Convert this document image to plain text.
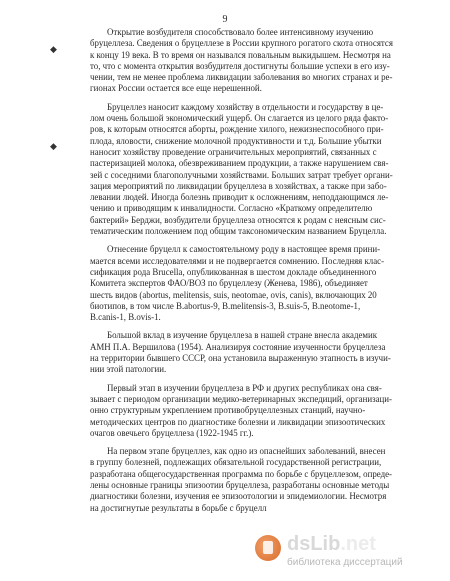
9
◆
◆
Открытие возбудителя способствовало более интенсивному изучению
бруцеллеза. Сведения о бруцеллезе в России крупного рогатого скота относятся
к концу 19 века. В то время он назывался повальным выкидышем. Несмотря на
то, что с момента открытия возбудителя достигнуты большие успехи в его изу-
чении, тем не менее проблема ликвидации заболевания во многих странах и ре-
гионах России остается все еще нерешенной.
Бруцеллез наносит каждому хозяйству в отдельности и государству в це-
лом очень большой экономический ущерб. Он слагается из целого ряда факто-
ров, к которым относятся аборты, рождение хилого, нежизнеспособного при-
плода, яловости, снижение молочной продуктивности и т.д. Большие убытки
наносит хозяйству проведение ограничительных мероприятий, связанных с
пастеризацией молока, обезвреживанием продукции, а также нарушением свя-
зей с соседними благополучными хозяйствами. Больших затрат требует органи-
зация мероприятий по ликвидации бруцеллеза в хозяйствах, а также при забо-
левании людей. Иногда болезнь приводит к осложнениям, неподдающимся ле-
чению и приводящим к инвалидности. Согласно «Краткому определителю
бактерий» Берджи, возбудители бруцеллеза относятся к родам с неясным сис-
тематическим положением под общим таксономическим названием Бруцелла.
Отнесение бруцелл к самостоятельному роду в настоящее время прини-
мается всеми исследователями и не подвергается сомнению. Последняя клас-
сификация рода Brucella, опубликованная в шестом докладе объединенного
Комитета экспертов ФАО/ВОЗ по бруцеллезу (Женева, 1986), объединяет
шесть видов (abortus, melitensis, suis, neotomae, ovis, canis), включающих 20
биотипов, в том числе B.abortus-9, B.melitensis-3, B.suis-5, B.neotome-1,
B.canis-1, B.ovis-1.
Большой вклад в изучение бруцеллеза в нашей стране внесла академик
АМН П.А. Вершилова (1954). Анализируя состояние изученности бруцеллеза
на территории бывшего СССР, она установила выраженную этапность в изучи-
нии этой патологии.
Первый этап в изучении бруцеллеза в РФ и других республиках она свя-
зывает с периодом организации медико-ветеринарных экспедиций, организаци-
онно структурным укреплением противобруцеллезных станций, научно-
методических центров по диагностике болезни и ликвидации эпизоотических
очагов овечьего бруцеллеза (1922-1945 гг.).
На первом этапе бруцеллез, как одно из опаснейших заболеваний, внесен
в группу болезней, подлежащих обязательной государственной регистрации,
разработана общегосударственная программа по борьбе с бруцеллезом, опреде-
лены основные границы эпизоотии бруцеллеза, разработаны основные методы
диагностики болезни, изучения ее эпизоотологии и эпидемиологии. Несмотря
на достигнутые результаты в борьбе с бруцелл
dsLib.net
библиотека диссертаций
